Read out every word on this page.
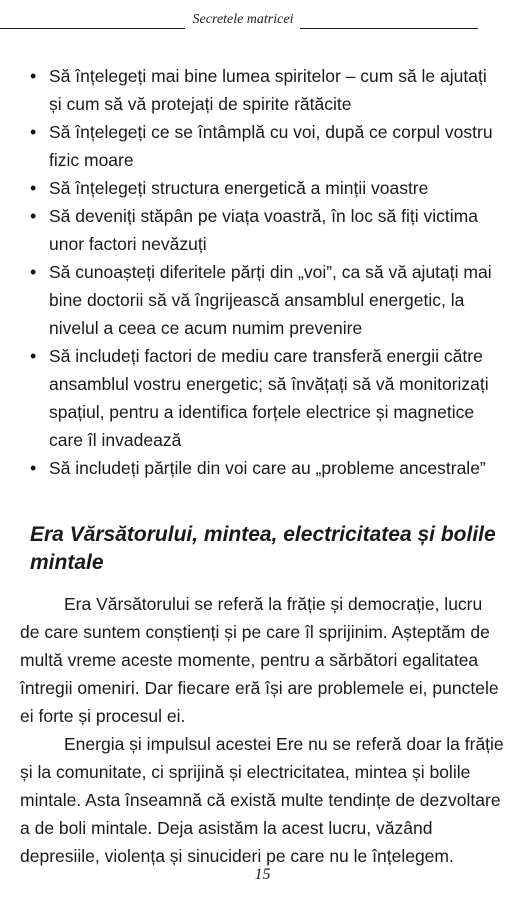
Secretele matricei
• Să înțelegeți mai bine lumea spiritelor – cum să le ajutați și cum să vă protejați de spirite rătăcite
• Să înțelegeți ce se întâmplă cu voi, după ce corpul vostru fizic moare
• Să înțelegeți structura energetică a minții voastre
• Să deveniți stăpân pe viața voastră, în loc să fiți victima unor factori nevăzuți
• Să cunoașteți diferitele părți din „voi”, ca să vă ajutați mai bine doctorii să vă îngrijească ansamblul energetic, la nivelul a ceea ce acum numim prevenire
• Să includeți factori de mediu care transferă energii către ansamblul vostru energetic; să învățați să vă monitorizați spațiul, pentru a identifica forțele electrice și magnetice care îl invadează
• Să includeți părțile din voi care au „probleme ancestrale”
Era Vărsătorului, mintea, electricitatea și bolile mintale

Era Vărsătorului se referă la frăție și democrație, lucru de care suntem conștienți și pe care îl sprijinim. Așteptăm de multă vreme aceste momente, pentru a sărbători egalitatea întregii omeniri. Dar fiecare eră își are problemele ei, punctele ei forte și procesul ei.

Energia și impulsul acestei Ere nu se referă doar la frăție și la comunitate, ci sprijină și electricitatea, mintea și bolile mintale. Asta înseamnă că există multe tendințe de dezvoltare a de boli mintale. Deja asistăm la acest lucru, văzând depresiile, violența și sinucideri pe care nu le înțelegem.

15
